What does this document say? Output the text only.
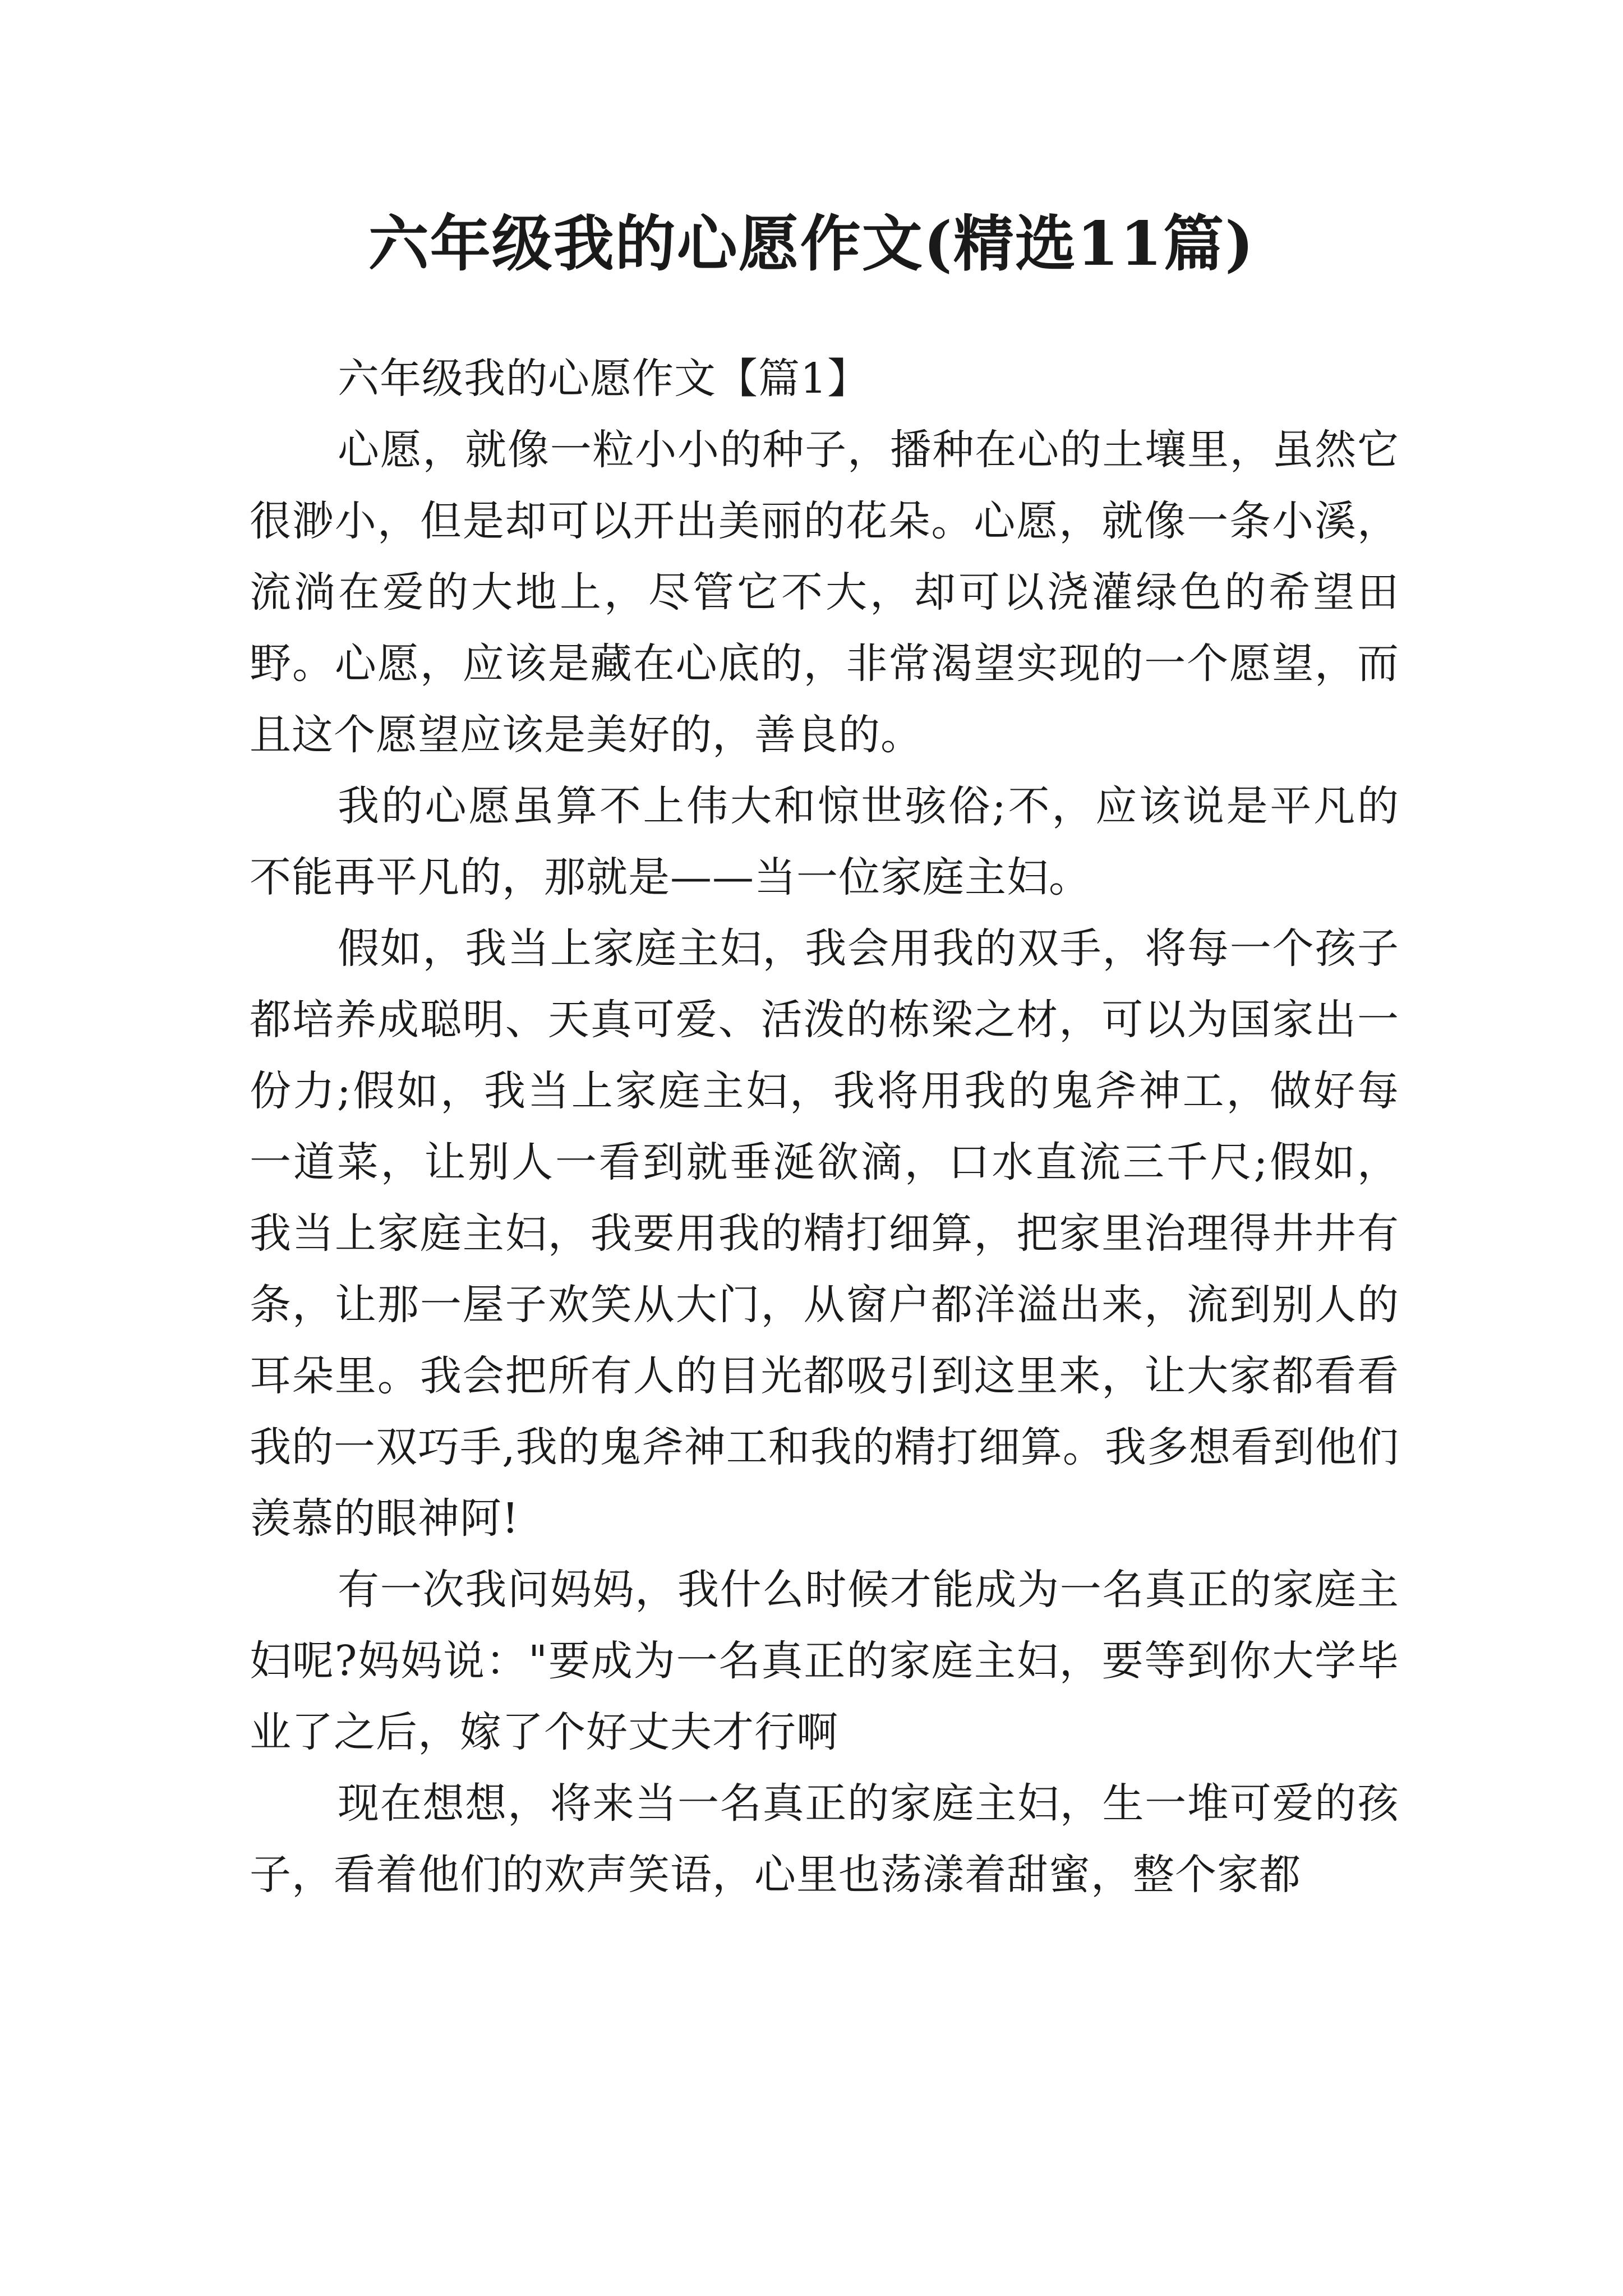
六年级我的心愿作文(精选11篇)

六年级我的心愿作文【篇1】

心愿，就像一粒小小的种子，播种在心的土壤里，虽然它很渺小，但是却可以开出美丽的花朵。心愿，就像一条小溪，流淌在爱的大地上，尽管它不大，却可以浇灌绿色的希望田野。心愿，应该是藏在心底的，非常渴望实现的一个愿望，而且这个愿望应该是美好的，善良的。

我的心愿虽算不上伟大和惊世骇俗;不，应该说是平凡的不能再平凡的，那就是——当一位家庭主妇。

假如，我当上家庭主妇，我会用我的双手，将每一个孩子都培养成聪明、天真可爱、活泼的栋梁之材，可以为国家出一份力;假如，我当上家庭主妇，我将用我的鬼斧神工，做好每一道菜，让别人一看到就垂涎欲滴，口水直流三千尺;假如，我当上家庭主妇，我要用我的精打细算，把家里治理得井井有条，让那一屋子欢笑从大门，从窗户都洋溢出来，流到别人的耳朵里。我会把所有人的目光都吸引到这里来，让大家都看看我的一双巧手,我的鬼斧神工和我的精打细算。我多想看到他们羡慕的眼神阿!

有一次我问妈妈，我什么时候才能成为一名真正的家庭主妇呢?妈妈说："要成为一名真正的家庭主妇，要等到你大学毕业了之后，嫁了个好丈夫才行啊

现在想想，将来当一名真正的家庭主妇，生一堆可爱的孩子，看着他们的欢声笑语，心里也荡漾着甜蜜，整个家都
